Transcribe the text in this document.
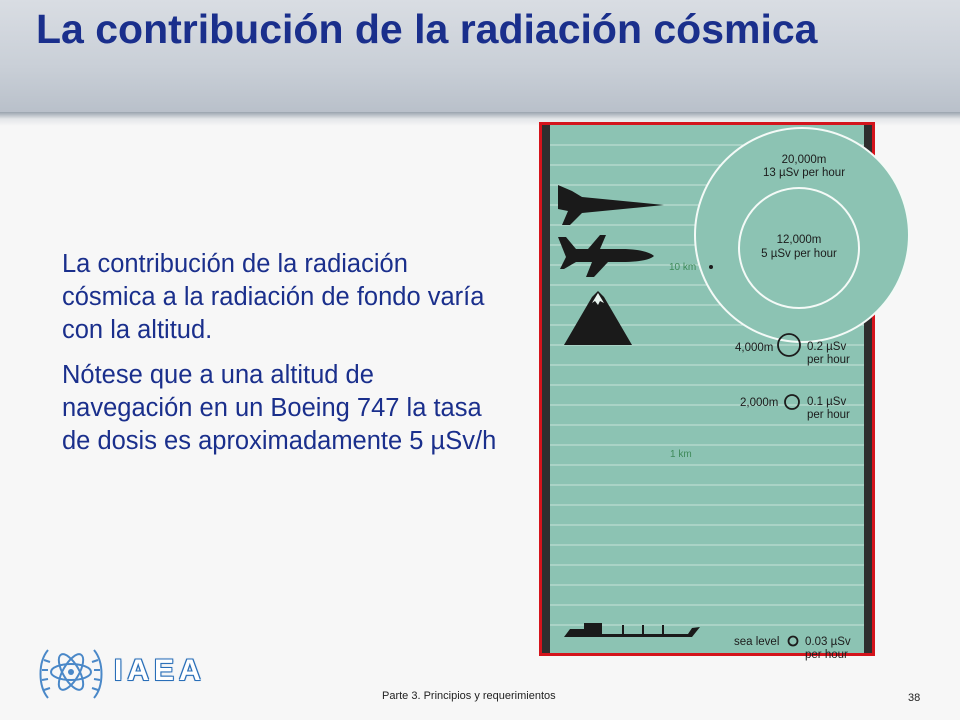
La contribución de la radiación cósmica

La contribución de la radiación cósmica a la radiación de fondo varía con la altitud.

Nótese que a una altitud de navegación en un Boeing 747 la tasa de dosis es aproximadamente 5 µSv/h

20,000m
13 µSv per hour
12,000m
5 µSv per hour
10 km
4,000m	0.2 µSv
per hour
2,000m 0.1 µSv
per hour
1 km
sea level 0.03 µSv
per hour
IAEA
Parte 3. Principios y requerimientos	38
